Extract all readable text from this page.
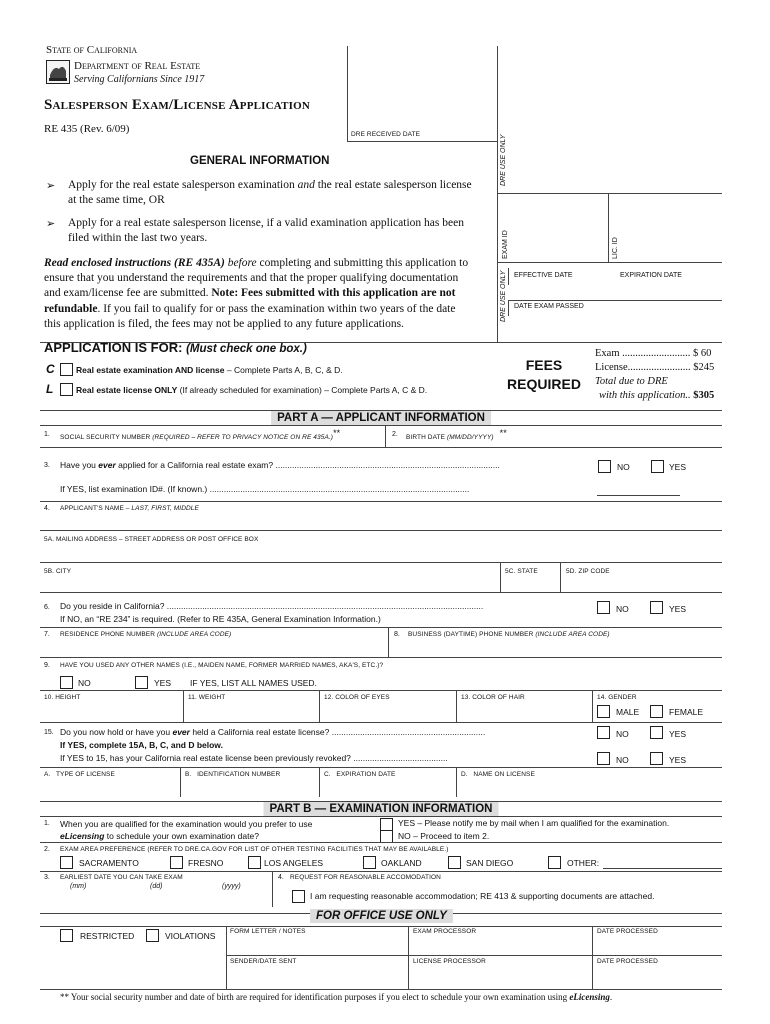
State of California
Department of Real Estate
Serving Californians Since 1917
Salesperson Exam/License Application
RE 435 (Rev. 6/09)	DRE RECEIVED DATE
DRE USE ONLY
EXAM ID	LIC. ID
DRE USE ONLY EFFECTIVE DATE	EXPIRATION DATE
DATE EXAM PASSED
GENERAL INFORMATION
➢ Apply for the real estate salesperson examination and the real estate salesperson license
at the same time, OR
➢ Apply for a real estate salesperson license, if a valid examination application has been
filed within the last two years.
Read enclosed instructions (RE 435A) before completing and submitting this application to
ensure that you understand the requirements and that the proper qualifying documentation
and exam/license fee are submitted. Note: Fees submitted with this application are not
refundable. If you fail to qualify for or pass the examination within two years of the date
this application is filed, the fees may not be applied to any future applications.
APPLICATION IS FOR: (Must check one box.)
C	Real estate examination AND license – Complete Parts A, B, C, & D.
L	Real estate license ONLY (If already scheduled for examination) – Complete Parts A, C & D.
FEES
REQUIRED
Exam .......................... $ 60
License........................ $245
Total due to DRE
with this application.. $305
PART A — APPLICANT INFORMATION
1. SOCIAL SECURITY NUMBER (REQUIRED – REFER TO PRIVACY NOTICE ON RE 435A.)**	2. BIRTH DATE (MM/DD/YYYY) **
3. Have you ever applied for a California real estate exam? ...............................................................................................	NO	YES
If YES, list examination ID#. (If known.) ..............................................................................................................
4. APPLICANT'S NAME – LAST, FIRST, MIDDLE
5A. MAILING ADDRESS – STREET ADDRESS OR POST OFFICE BOX
5B. CITY	5C. STATE	5D. ZIP CODE
6. Do you reside in California? ......................................................................................................................................	NO	YES
If NO, an “RE 234” is required. (Refer to RE 435A, General Examination Information.)
7. RESIDENCE PHONE NUMBER (INCLUDE AREA CODE)	8. BUSINESS (DAYTIME) PHONE NUMBER (INCLUDE AREA CODE)
9. HAVE YOU USED ANY OTHER NAMES (I.E., MAIDEN NAME, FORMER MARRIED NAMES, AKA'S, ETC.)?
NO	YES IF YES, LIST ALL NAMES USED.
10. HEIGHT	11. WEIGHT	12. COLOR OF EYES	13. COLOR OF HAIR	14. GENDER
MALE	FEMALE
15. Do you now hold or have you ever held a California real estate license? .................................................................	NO	YES
If YES, complete 15A, B, C, and D below.
If YES to 15, has your California real estate license been previously revoked? ........................................	NO	YES
A.   TYPE OF LICENSE	B.   IDENTIFICATION NUMBER	C.   EXPIRATION DATE	D.   NAME ON LICENSE
PART B — EXAMINATION INFORMATION
1. When you are qualified for the examination would you prefer to use
eLicensing to schedule your own examination date?
YES – Please notify me by mail when I am qualified for the examination.
NO – Proceed to item 2.
2. EXAM AREA PREFERENCE (REFER TO DRE.CA.GOV FOR LIST OF OTHER TESTING FACILITIES THAT MAY BE AVAILABLE.)
SACRAMENTO	FRESNO	LOS ANGELES	OAKLAND	SAN DIEGO	OTHER:
3. EARLIEST DATE YOU CAN TAKE EXAM
(mm)	(dd)	(yyyy)
4. REQUEST FOR REASONABLE ACCOMODATION
I am requesting reasonable accommodation; RE 413 & supporting documents are attached.
FOR OFFICE USE ONLY
RESTRICTED	VIOLATIONS FORM LETTER / NOTES	EXAM PROCESSOR	DATE PROCESSED
SENDER/DATE SENT	LICENSE PROCESSOR	DATE PROCESSED
** Your social security number and date of birth are required for identification purposes if you elect to schedule your own examination using eLicensing.
